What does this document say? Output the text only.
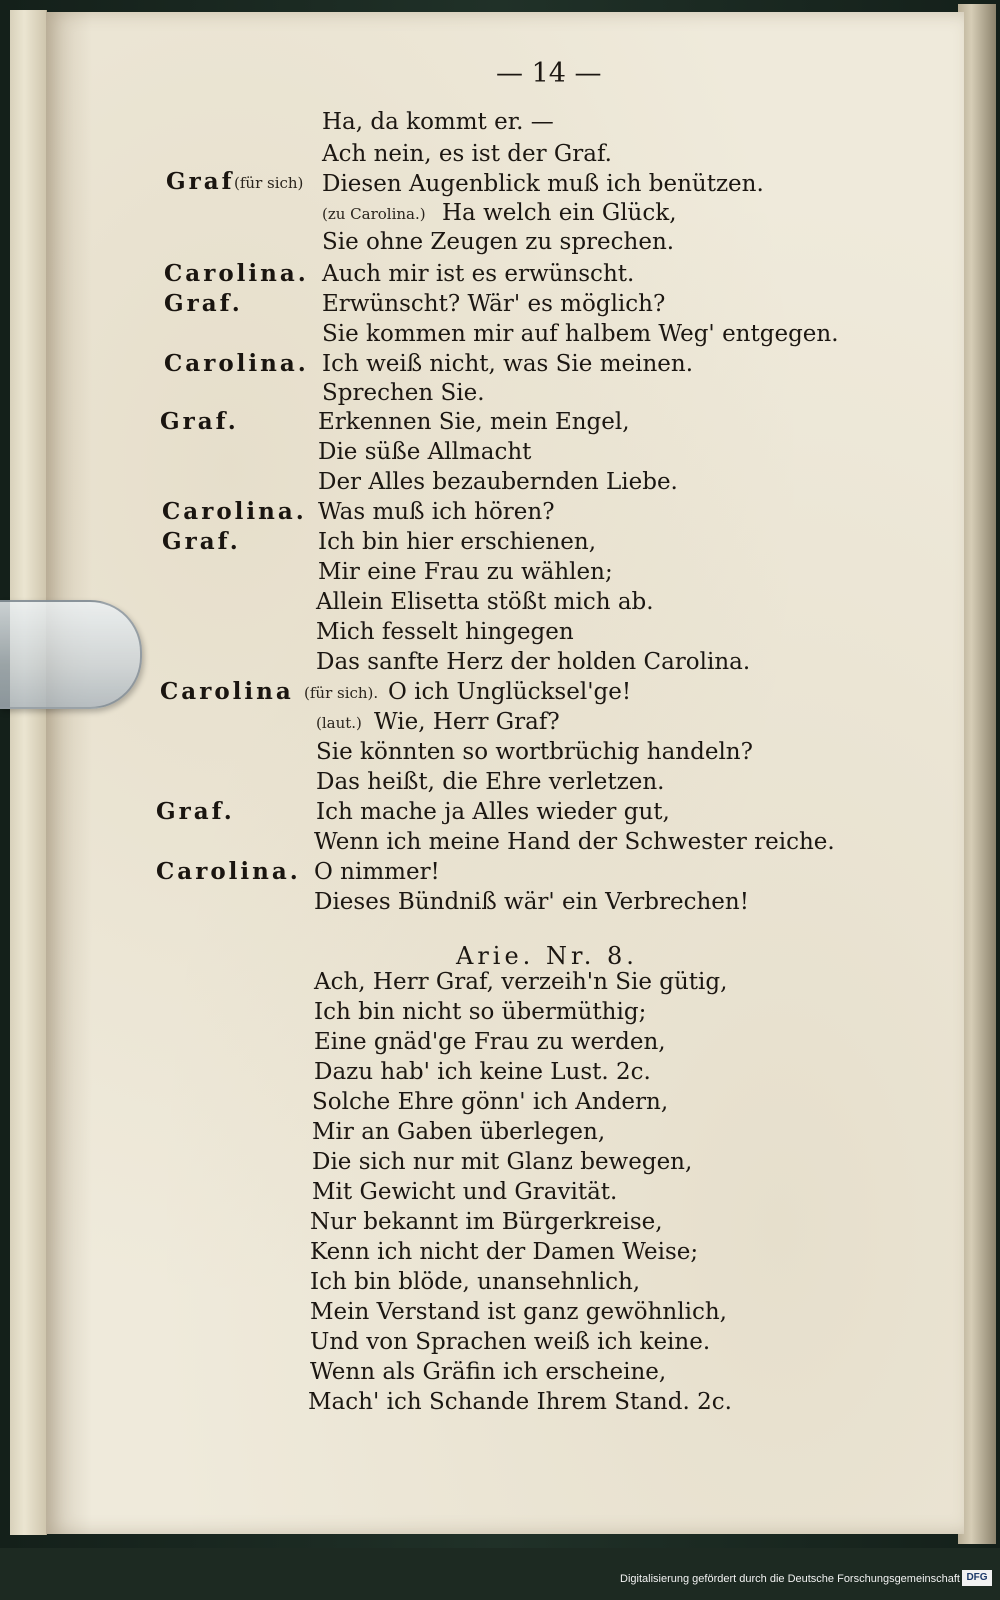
— 14 —
Ha, da kommt er. —
Ach nein, es ist der Graf.
Graf (für sich) Diesen Augenblick muß ich benützen.
(zu Carolina.) Ha welch ein Glück,
Sie ohne Zeugen zu sprechen.
Carolina. Auch mir ist es erwünscht.
Graf.	Erwünscht? Wär' es möglich?
Sie kommen mir auf halbem Weg' entgegen.
Carolina. Ich weiß nicht, was Sie meinen.
Sprechen Sie.
Graf.	Erkennen Sie, mein Engel,
Die süße Allmacht
Der Alles bezaubernden Liebe.
Carolina. Was muß ich hören?
Graf.	Ich bin hier erschienen,
Mir eine Frau zu wählen;
Allein Elisetta stößt mich ab.
Mich fesselt hingegen
Das sanfte Herz der holden Carolina.
Carolina (für sich). O ich Unglücksel'ge!
(laut.) Wie, Herr Graf?
Sie könnten so wortbrüchig handeln?
Das heißt, die Ehre verletzen.
Graf.	Ich mache ja Alles wieder gut,
Wenn ich meine Hand der Schwester reiche.
Carolina. O nimmer!
Dieses Bündniß wär' ein Verbrechen!
Arie. Nr. 8.
Ach, Herr Graf, verzeih'n Sie gütig,
Ich bin nicht so übermüthig;
Eine gnäd'ge Frau zu werden,
Dazu hab' ich keine Lust. 2c.
Solche Ehre gönn' ich Andern,
Mir an Gaben überlegen,
Die sich nur mit Glanz bewegen,
Mit Gewicht und Gravität.
Nur bekannt im Bürgerkreise,
Kenn ich nicht der Damen Weise;
Ich bin blöde, unansehnlich,
Mein Verstand ist ganz gewöhnlich,
Und von Sprachen weiß ich keine.
Wenn als Gräfin ich erscheine,
Mach' ich Schande Ihrem Stand. 2c.
Digitalisierung gefördert durch die Deutsche Forschungsgemeinschaft DFG
